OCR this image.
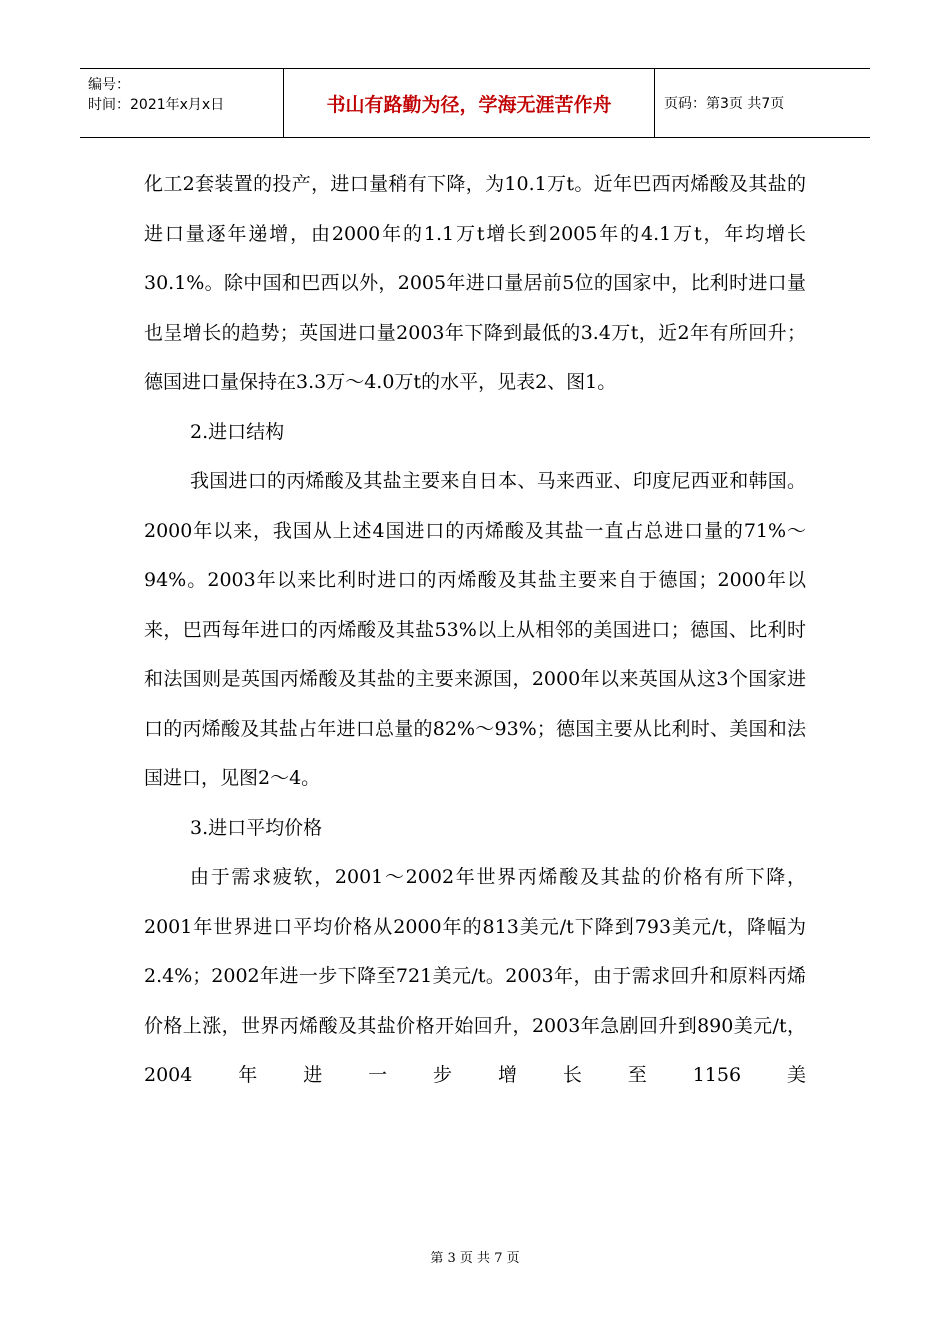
编号：
时间：2021年x月x日	书山有路勤为径，学海无涯苦作舟	页码：第3页 共7页

化工2套装置的投产，进口量稍有下降，为10.1万t。近年巴西丙烯酸及其盐的进口量逐年递增，由2000年的1.1万t增长到2005年的4.1万t，年均增长30.1%。除中国和巴西以外，2005年进口量居前5位的国家中，比利时进口量也呈增长的趋势；英国进口量2003年下降到最低的3.4万t，近2年有所回升；德国进口量保持在3.3万～4.0万t的水平，见表2、图1。

2.进口结构

我国进口的丙烯酸及其盐主要来自日本、马来西亚、印度尼西亚和韩国。2000年以来，我国从上述4国进口的丙烯酸及其盐一直占总进口量的71%～94%。2003年以来比利时进口的丙烯酸及其盐主要来自于德国；2000年以来，巴西每年进口的丙烯酸及其盐53%以上从相邻的美国进口；德国、比利时和法国则是英国丙烯酸及其盐的主要来源国，2000年以来英国从这3个国家进口的丙烯酸及其盐占年进口总量的82%～93%；德国主要从比利时、美国和法国进口，见图2～4。

3.进口平均价格

由于需求疲软，2001～2002年世界丙烯酸及其盐的价格有所下降，2001年世界进口平均价格从2000年的813美元/t下降到793美元/t，降幅为2.4%；2002年进一步下降至721美元/t。2003年，由于需求回升和原料丙烯价格上涨，世界丙烯酸及其盐价格开始回升，2003年急剧回升到890美元/t，2004年进一步增长至1156美

第 3 页 共 7 页
